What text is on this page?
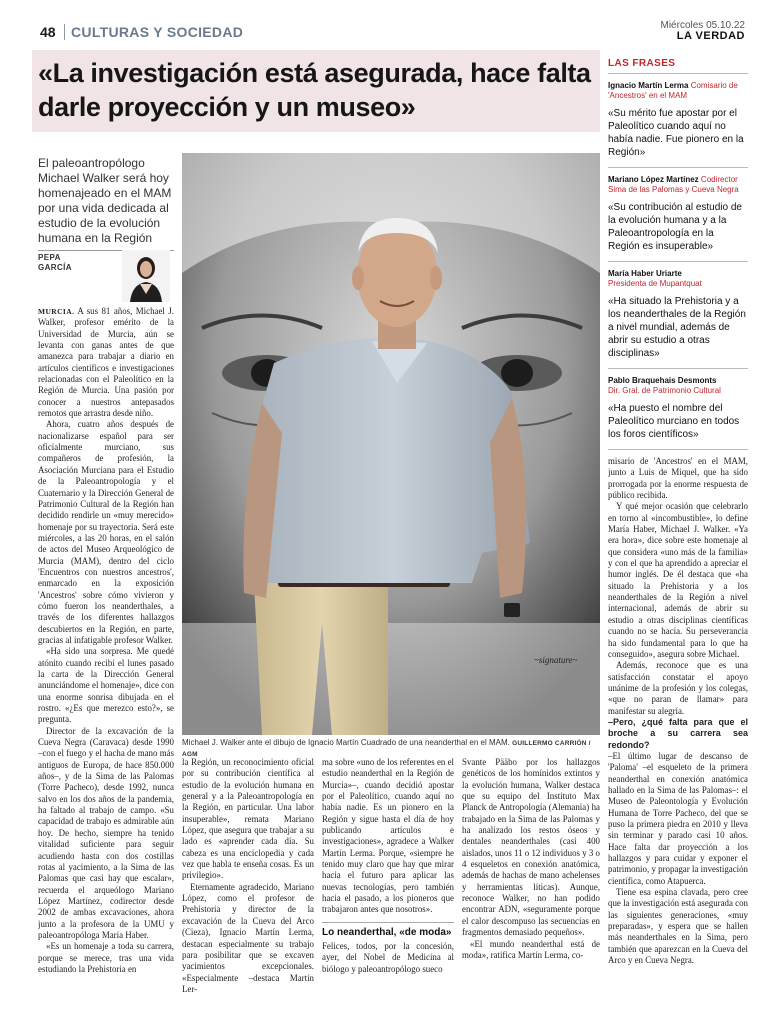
48	CULTURAS Y SOCIEDAD	Miércoles 05.10.22
LA VERDAD
«La investigación está asegurada, hace falta darle proyección y un museo»
El paleoantropólogo Michael Walker será hoy homenajeado en el MAM por una vida dedicada al estudio de la evolución humana en la Región
PEPA
GARCÍA
~signature~
Michael J. Walker ante el dibujo de Ignacio Martín Cuadrado de una neanderthal en el MAM. GUILLERMO CARRIÓN / AGM
LAS FRASES
Ignacio Martín Lerma Comisario de 'Ancestros' en el MAM
«Su mérito fue apostar por el Paleolítico cuando aquí no había nadie. Fue pionero en la Región»
Mariano López Martínez Codirector Sima de las Palomas y Cueva Negra
«Su contribución al estudio de la evolución humana y a la Paleoantropología en la Región es insuperable»
María Haber Uriarte
Presidenta de Mupantquat
«Ha situado la Prehistoria y a los neanderthales de la Región a nivel mundial, además de abrir su estudio a otras disciplinas»
Pablo Braquehais Desmonts
Dir. Gral. de Patrimonio Cultural
«Ha puesto el nombre del Paleolítico murciano en todos los foros científicos»

MURCIA. A sus 81 años, Michael J. Walker, profesor emérito de la Universidad de Murcia, aún se levanta con ganas antes de que amanezca para trabajar a diario en artículos científicos e investigaciones relacionadas con el Paleolítico en la Región de Murcia. Una pasión por conocer a nuestros antepasados remotos que arrastra desde niño.

Ahora, cuatro años después de nacionalizarse español para ser oficialmente murciano, sus compañeros de profesión, la Asociación Murciana para el Estudio de la Paleoantropología y el Cuaternario y la Dirección General de Patrimonio Cultural de la Región han decidido rendirle un «muy merecido» homenaje por su trayectoria. Será este miércoles, a las 20 horas, en el salón de actos del Museo Arqueológico de Murcia (MAM), dentro del ciclo 'Encuentros con nuestros ancestros', enmarcado en la exposición 'Ancestros' sobre cómo vivieron y cómo fueron los neanderthales, a través de los diferentes hallazgos descubiertos en la Región, en parte, gracias al infatigable profesor Walker.

«Ha sido una sorpresa. Me quedé atónito cuando recibí el lunes pasado la carta de la Dirección General anunciándome el homenaje», dice con una enorme sonrisa dibujada en el rostro. «¿Es que merezco esto?», se pregunta.

Director de la excavación de la Cueva Negra (Caravaca) desde 1990 –con el fuego y el hacha de mano más antiguos de Europa, de hace 850.000 años–, y de la Sima de las Palomas (Torre Pacheco), desde 1992, nunca salvo en los dos años de la pandemia, ha faltado al trabajo de campo. «Su capacidad de trabajo es admirable aún hoy. De hecho, siempre ha tenido vitalidad suficiente para seguir acudiendo hasta con dos costillas rotas al yacimiento, a la Sima de las Palomas que casi hay que escalar», recuerda el arqueólogo Mariano López Martínez, codirector desde 2002 de ambas excavaciones, ahora junto a la profesora de la UMU y paleoantropóloga María Haber.

«Es un homenaje a toda su carrera, porque se merece, tras una vida estudiando la Prehistoria en

la Región, un reconocimiento oficial por su contribución científica al estudio de la evolución humana en general y a la Paleoantropología en la Región, en particular. Una labor insuperable», remata Mariano López, que asegura que trabajar a su lado es «aprender cada día. Su cabeza es una enciclopedia y cada vez que habla te enseña cosas. Es un privilegio».

Eternamente agradecido, Mariano López, como el profesor de Prehistoria y director de la excavación de la Cueva del Arco (Cieza), Ignacio Martín Lerma, destacan especialmente su trabajo para posibilitar que se excaven yacimientos excepcionales. «Especialmente –destaca Martín Ler-

ma sobre «uno de los referentes en el estudio neanderthal en la Región de Murcia»–, cuando decidió apostar por el Paleolítico, cuando aquí no había nadie. Es un pionero en la Región y sigue hasta el día de hoy publicando artículos e investigaciones», agradece a Walker Martín Lerma. Porque, «siempre he tenido muy claro que hay que mirar hacia el futuro para aplicar las nuevas tecnologías, pero también hacia el pasado, a los pioneros que trabajaron antes que nosotros».

Lo neanderthal, «de moda»

Felices, todos, por la concesión, ayer, del Nobel de Medicina al biólogo y paleoantropólogo sueco

Svante Pääbo por los hallazgos genéticos de los homínidos extintos y la evolución humana, Walker destaca que su equipo del Instituto Max Planck de Antropología (Alemania) ha trabajado en la Sima de las Palomas y ha analizado los restos óseos y dentales neanderthales (casi 400 aislados, unos 11 o 12 individuos y 3 o 4 esqueletos en conexión anatómica, además de hachas de mano achelenses y herramientas líticas). Aunque, reconoce Walker, no han podido encontrar ADN, «seguramente porque el calor descompuso las secuencias en fragmentos demasiado pequeños».

«El mundo neanderthal está de moda», ratifica Martín Lerma, co-

misario de 'Ancestros' en el MAM, junto a Luis de Miquel, que ha sido prorrogada por la enorme respuesta de público recibida.

Y qué mejor ocasión que celebrarlo en torno al «incombustible», lo define María Haber, Michael J. Walker. «Ya era hora», dice sobre este homenaje al que considera «uno más de la familia» y con el que ha aprendido a apreciar el humor inglés. De él destaca que «ha situado la Prehistoria y a los neanderthales de la Región a nivel internacional, además de abrir su estudio a otras disciplinas científicas cuando no se hacía. Su perseverancia ha sido fundamental para lo que ha conseguido», asegura sobre Michael.

Además, reconoce que es una satisfacción constatar el apoyo unánime de la profesión y los colegas, «que no paran de llamar» para manifestar su alegría.

–Pero, ¿qué falta para que el broche a su carrera sea redondo?

–El último lugar de descanso de 'Paloma' –el esqueleto de la primera neanderthal en conexión anatómica hallado en la Sima de las Palomas–: el Museo de Paleontología y Evolución Humana de Torre Pacheco, del que se puso la primera piedra en 2010 y lleva sin terminar y parado casi 10 años. Hace falta dar proyección a los hallazgos y para cuidar y exponer el patrimonio, y propagar la investigación científica, como Atapuerca.

Tiene esa espina clavada, pero cree que la investigación está asegurada con las siguientes generaciones, «muy preparadas», y espera que se hallen más neanderthales en la Sima, pero también que aparezcan en la Cueva del Arco y en Cueva Negra.
